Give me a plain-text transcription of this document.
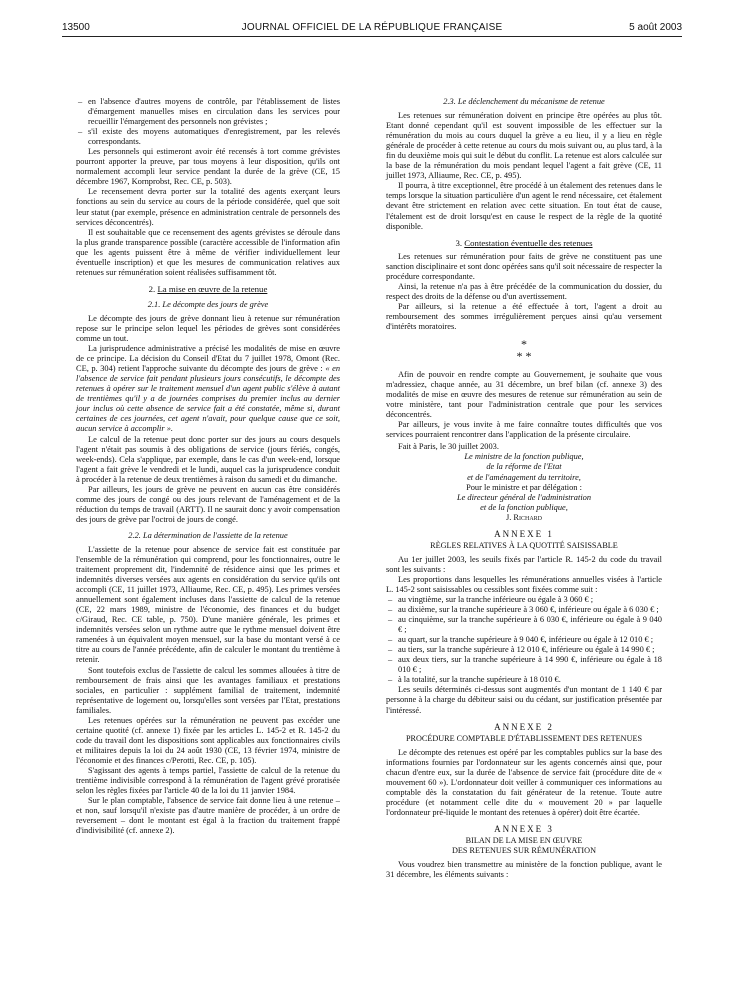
13500	JOURNAL OFFICIEL DE LA RÉPUBLIQUE FRANÇAISE	5 août 2003
– en l'absence d'autres moyens de contrôle, par l'établissement de listes d'émargement manuelles mises en circulation dans les services pour recueillir l'émargement des personnels non grévistes ;
– s'il existe des moyens automatiques d'enregistrement, par les relevés correspondants.

Les personnels qui estimeront avoir été recensés à tort comme grévistes pourront apporter la preuve, par tous moyens à leur disposition, qu'ils ont normalement accompli leur service pendant la durée de la grève (CE, 15 décembre 1967, Kornprobst, Rec. CE, p. 503).

Le recensement devra porter sur la totalité des agents exerçant leurs fonctions au sein du service au cours de la période considérée, quel que soit leur statut (par exemple, présence en administration centrale de personnels des services déconcentrés).

Il est souhaitable que ce recensement des agents grévistes se déroule dans la plus grande transparence possible (caractère accessible de l'information afin que les agents puissent être à même de vérifier individuellement leur éventuelle inscription) et que les mesures de communication relatives aux retenues sur rémunération soient réalisées suffisamment tôt.

2. La mise en œuvre de la retenue
2.1. Le décompte des jours de grève

Le décompte des jours de grève donnant lieu à retenue sur rémunération repose sur le principe selon lequel les périodes de grèves sont considérées comme un tout.

La jurisprudence administrative a précisé les modalités de mise en œuvre de ce principe. La décision du Conseil d'Etat du 7 juillet 1978, Omont (Rec. CE, p. 304) retient l'approche suivante du décompte des jours de grève : « en l'absence de service fait pendant plusieurs jours consécutifs, le décompte des retenues à opérer sur le traitement mensuel d'un agent public s'élève à autant de trentièmes qu'il y a de journées comprises du premier inclus au dernier jour inclus où cette absence de service fait a été constatée, même si, durant certaines de ces journées, cet agent n'avait, pour quelque cause que ce soit, aucun service à accomplir ».

Le calcul de la retenue peut donc porter sur des jours au cours desquels l'agent n'était pas soumis à des obligations de service (jours fériés, congés, week-ends). Cela s'applique, par exemple, dans le cas d'un week-end, lorsque l'agent a fait grève le vendredi et le lundi, auquel cas la jurisprudence conduit à procéder à la retenue de deux trentièmes à raison du samedi et du dimanche.

Par ailleurs, les jours de grève ne peuvent en aucun cas être considérés comme des jours de congé ou des jours relevant de l'aménagement et de la réduction du temps de travail (ARTT). Il ne saurait donc y avoir compensation des jours de grève par l'octroi de jours de congé.

2.2. La détermination de l'assiette de la retenue

L'assiette de la retenue pour absence de service fait est constituée par l'ensemble de la rémunération qui comprend, pour les fonctionnaires, outre le traitement proprement dit, l'indemnité de résidence ainsi que les primes et indemnités diverses versées aux agents en considération du service qu'ils ont accompli (CE, 11 juillet 1973, Alliaume, Rec. CE, p. 495). Les primes versées annuellement sont également incluses dans l'assiette de calcul de la retenue (CE, 22 mars 1989, ministre de l'économie, des finances et du budget c/Giraud, Rec. CE table, p. 750). D'une manière générale, les primes et indemnités versées selon un rythme autre que le rythme mensuel doivent être ramenées à un équivalent moyen mensuel, sur la base du montant versé à ce titre au cours de l'année précédente, afin de calculer le montant du trentième à retenir.

Sont toutefois exclus de l'assiette de calcul les sommes allouées à titre de remboursement de frais ainsi que les avantages familiaux et prestations sociales, en particulier : supplément familial de traitement, indemnité représentative de logement ou, lorsqu'elles sont versées par l'Etat, prestations familiales.

Les retenues opérées sur la rémunération ne peuvent pas excéder une certaine quotité (cf. annexe 1) fixée par les articles L. 145-2 et R. 145-2 du code du travail dont les dispositions sont applicables aux fonctionnaires civils et militaires depuis la loi du 24 août 1930 (CE, 13 février 1974, ministre de l'économie et des finances c/Perotti, Rec. CE, p. 105).

S'agissant des agents à temps partiel, l'assiette de calcul de la retenue du trentième indivisible correspond à la rémunération de l'agent grévé proratisée selon les règles fixées par l'article 40 de la loi du 11 janvier 1984.

Sur le plan comptable, l'absence de service fait donne lieu à une retenue – et non, sauf lorsqu'il n'existe pas d'autre manière de procéder, à un ordre de reversement – dont le montant est égal à la fraction du traitement frappé d'indivisibilité (cf. annexe 2).

2.3. Le déclenchement du mécanisme de retenue

Les retenues sur rémunération doivent en principe être opérées au plus tôt. Etant donné cependant qu'il est souvent impossible de les effectuer sur la rémunération du mois au cours duquel la grève a eu lieu, il y a lieu en règle générale de procéder à cette retenue au cours du mois suivant ou, au plus tard, à la fin du deuxième mois qui suit le début du conflit. La retenue est alors calculée sur la base de la rémunération du mois pendant lequel l'agent a fait grève (CE, 11 juillet 1973, Alliaume, Rec. CE, p. 495).

Il pourra, à titre exceptionnel, être procédé à un étalement des retenues dans le temps lorsque la situation particulière d'un agent le rend nécessaire, cet étalement devant être strictement en relation avec cette situation. En tout état de cause, l'étalement est de droit lorsqu'est en cause le respect de la règle de la quotité disponible.

3. Contestation éventuelle des retenues

Les retenues sur rémunération pour faits de grève ne constituent pas une sanction disciplinaire et sont donc opérées sans qu'il soit nécessaire de respecter la procédure correspondante.

Ainsi, la retenue n'a pas à être précédée de la communication du dossier, du respect des droits de la défense ou d'un avertissement.

Par ailleurs, si la retenue a été effectuée à tort, l'agent a droit au remboursement des sommes irrégulièrement perçues ainsi qu'au versement d'intérêts moratoires.

*
* *

Afin de pouvoir en rendre compte au Gouvernement, je souhaite que vous m'adressiez, chaque année, au 31 décembre, un bref bilan (cf. annexe 3) des modalités de mise en œuvre des mesures de retenue sur rémunération au sein de votre ministère, tant pour l'administration centrale que pour les services déconcentrés.

Par ailleurs, je vous invite à me faire connaître toutes difficultés que vos services pourraient rencontrer dans l'application de la présente circulaire.

Fait à Paris, le 30 juillet 2003.

Le ministre de la fonction publique,
de la réforme de l'Etat
et de l'aménagement du territoire,
Pour le ministre et par délégation :
Le directeur général de l'administration
et de la fonction publique,
J. Richard
ANNEXE 1
RÈGLES RELATIVES À LA QUOTITÉ SAISISSABLE

Au 1er juillet 2003, les seuils fixés par l'article R. 145-2 du code du travail sont les suivants :

Les proportions dans lesquelles les rémunérations annuelles visées à l'article L. 145-2 sont saisissables ou cessibles sont fixées comme suit :

– au vingtième, sur la tranche inférieure ou égale à 3 060 € ;
– au dixième, sur la tranche supérieure à 3 060 €, inférieure ou égale à 6 030 € ;
– au cinquième, sur la tranche supérieure à 6 030 €, inférieure ou égale à 9 040 € ;
– au quart, sur la tranche supérieure à 9 040 €, inférieure ou égale à 12 010 € ;
– au tiers, sur la tranche supérieure à 12 010 €, inférieure ou égale à 14 990 € ;
– aux deux tiers, sur la tranche supérieure à 14 990 €, inférieure ou égale à 18 010 € ;
– à la totalité, sur la tranche supérieure à 18 010 €.

Les seuils déterminés ci-dessus sont augmentés d'un montant de 1 140 € par personne à la charge du débiteur saisi ou du cédant, sur justification présentée par l'intéressé.

ANNEXE 2
PROCÉDURE COMPTABLE D'ÉTABLISSEMENT DES RETENUES

Le décompte des retenues est opéré par les comptables publics sur la base des informations fournies par l'ordonnateur sur les agents concernés ainsi que, pour chacun d'entre eux, sur la durée de l'absence de service fait (procédure dite de « mouvement 60 »). L'ordonnateur doit veiller à communiquer ces informations au comptable dès la constatation du fait générateur de la retenue. Toute autre procédure (et notamment celle dite du « mouvement 20 » par laquelle l'ordonnateur pré-liquide le montant des retenues à opérer) doit être écartée.

ANNEXE 3
BILAN DE LA MISE EN ŒUVRE
DES RETENUES SUR RÉMUNÉRATION

Vous voudrez bien transmettre au ministère de la fonction publique, avant le 31 décembre, les éléments suivants :
